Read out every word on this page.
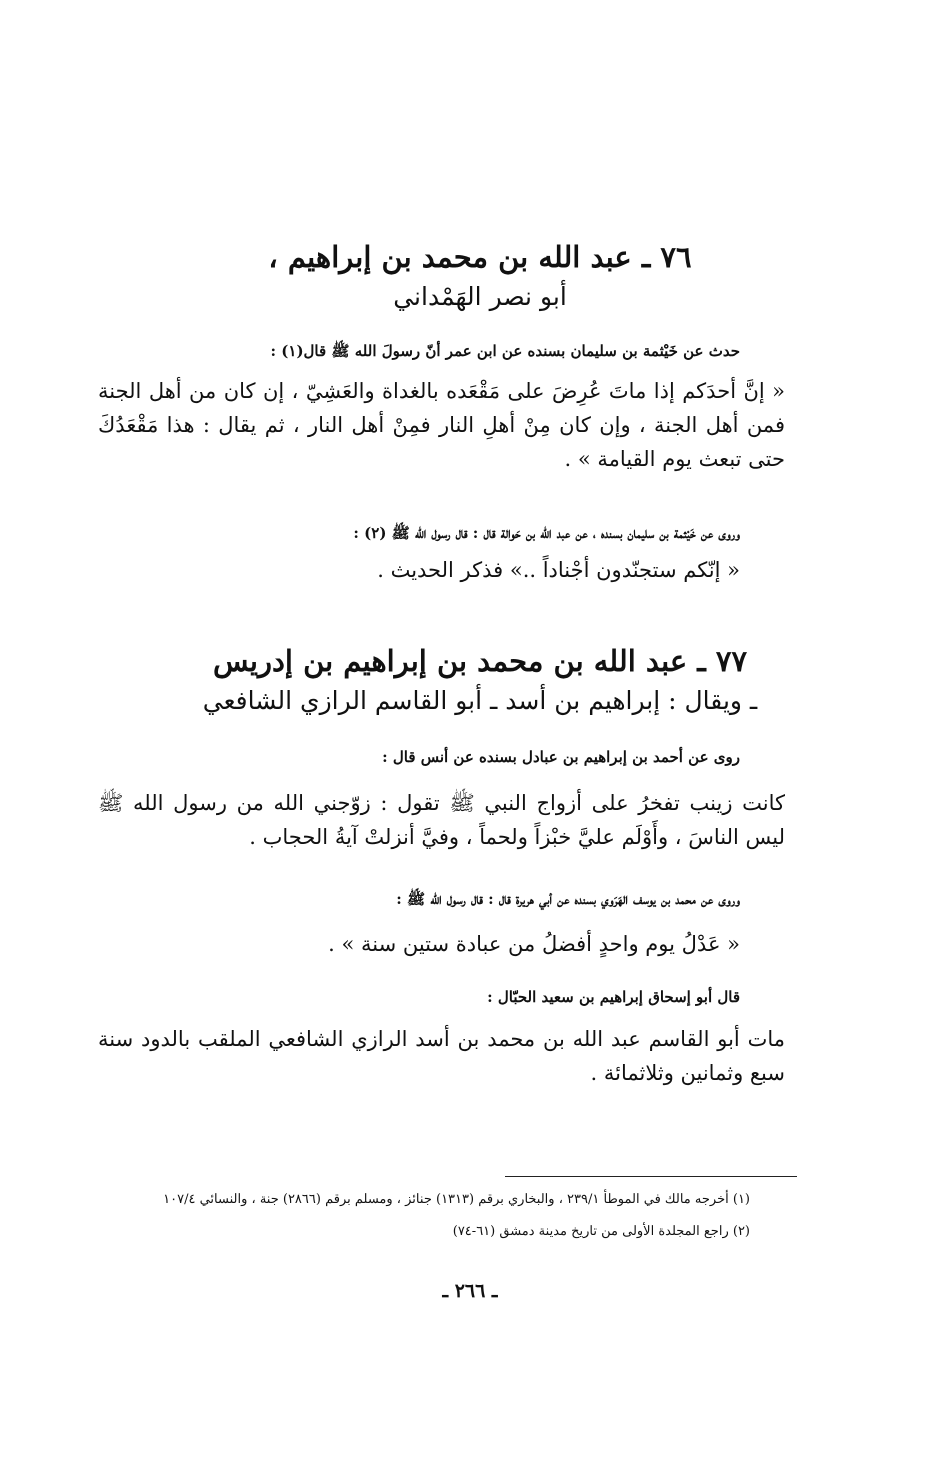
٧٦ ـ عبد الله بن محمد بن إبراهيم ،
أبو نصر الهَمْداني
حدث عن خَيْثمة بن سليمان بسنده عن ابن عمر أنّ رسولَ الله ﷺ قال(١) :
« إنَّ أحدَكم إذا ماتَ عُرِضَ على مَقْعَده بالغداة والعَشِيّ ، إن كان من أهل الجنة فمن أهل الجنة ، وإن كان مِنْ أهلِ النار فمِنْ أهل النار ، ثم يقال : هذا مَقْعَدُكَ حتى تبعث يوم القيامة » .
وروى عن خَيْثمة بن سليمان بسنده ، عن عبد الله بن حَوالة قال : قال رسول الله ﷺ (٢) :
« إنّكم ستجنّدون أجْناداً ..» فذكر الحديث .
٧٧ ـ عبد الله بن محمد بن إبراهيم بن إدريس
ـ ويقال : إبراهيم بن أسد ـ أبو القاسم الرازي الشافعي
روى عن أحمد بن إبراهيم بن عبادل بسنده عن أنس قال :
كانت زينب تفخرُ على أزواج النبي ﷺ تقول : زوّجني الله من رسول الله ﷺ ليس الناسَ ، وأَوْلَم عليَّ خبْزاً ولحماً ، وفيَّ أنزلتْ آيةُ الحجاب .
وروى عن محمد بن يوسف الهَرَوي بسنده عن أبي هريرة قال : قال رسول الله ﷺ :
« عَدْلُ يوم واحدٍ أفضلُ من عبادة ستين سنة » .
قال أبو إسحاق إبراهيم بن سعيد الحبّال :
مات أبو القاسم عبد الله بن محمد بن أسد الرازي الشافعي الملقب بالدود سنة سبع وثمانين وثلاثمائة .
(١) أخرجه مالك في الموطأ ٢٣٩/١ ، والبخاري برقم (١٣١٣) جنائز ، ومسلم برقم (٢٨٦٦) جنة ، والنسائي ١٠٧/٤
(٢) راجع المجلدة الأولى من تاريخ مدينة دمشق (٦١-٧٤)
ـ ٢٦٦ ـ
